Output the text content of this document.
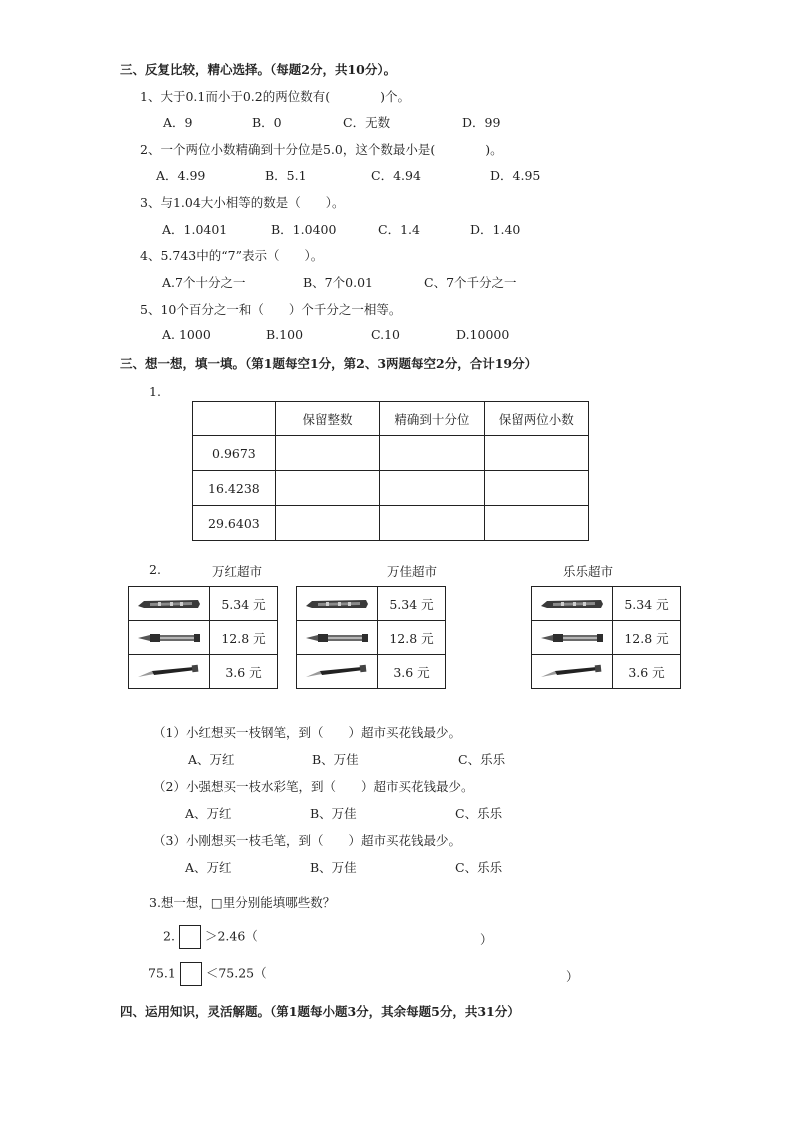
三、反复比较，精心选择。（每题2分，共10分）。
1、大于0.1而小于0.2的两位数有(　　　　)个。
A．9	B．0	C．无数	D．99
2、一个两位小数精确到十分位是5.0，这个数最小是(　　　　)。
A．4.99	B．5.1	C．4.94	D．4.95
3、与1.04大小相等的数是（　　）。
A．1.0401	B．1.0400	C．1.4	D．1.40
4、5.743中的“7”表示（　　）。
A.7个十分之一	B、7个0.01	C、7个千分之一
5、10个百分之一和（　　）个千分之一相等。
A. 1000	B.100	C.10	D.10000
三、想一想，填一填。（第1题每空1分，第2、3两题每空2分，合计19分）
1.
	保留整数	精确到十分位	保留两位小数
0.9673			
16.4238			
29.6403			
2.	万红超市	万佳超市	乐乐超市
	5.34 元

	12.8 元

	3.6 元
	5.34 元

	12.8 元

	3.6 元
	5.34 元

	12.8 元

	3.6 元
（1）小红想买一枝钢笔，到（　　）超市买花钱最少。
A、万红	B、万佳	C、乐乐
（2）小强想买一枝水彩笔，到（　　）超市买花钱最少。
A、万红	B、万佳	C、乐乐
（3）小刚想买一枝毛笔，到（　　）超市买花钱最少。
A、万红	B、万佳	C、乐乐
3.想一想，□里分别能填哪些数？
2. ＞2.46（	）
75.1 ＜75.25（	）
四、运用知识，灵活解题。（第1题每小题3分，其余每题5分，共31分）
